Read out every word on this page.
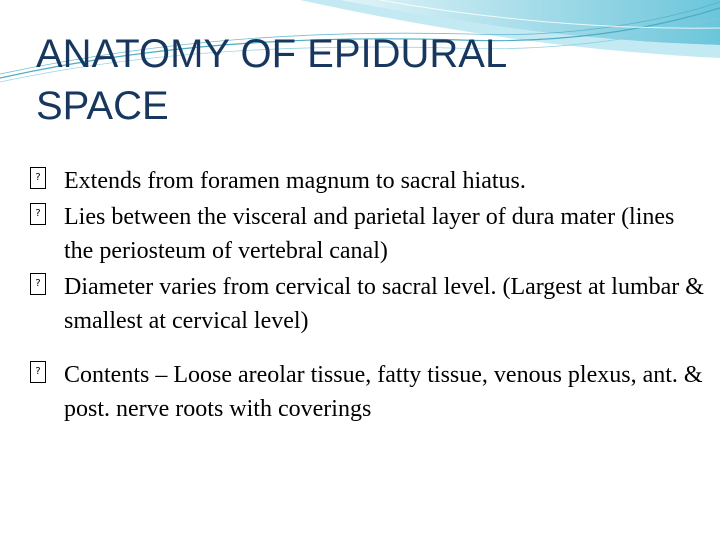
ANATOMY OF EPIDURAL
SPACE
? Extends from foramen magnum to sacral hiatus.
? Lies between the visceral and parietal layer of dura mater (lines the periosteum of vertebral canal)
? Diameter varies from cervical to sacral level. (Largest at lumbar & smallest at cervical level)
? Contents – Loose areolar tissue, fatty tissue, venous plexus, ant. & post. nerve roots with coverings
